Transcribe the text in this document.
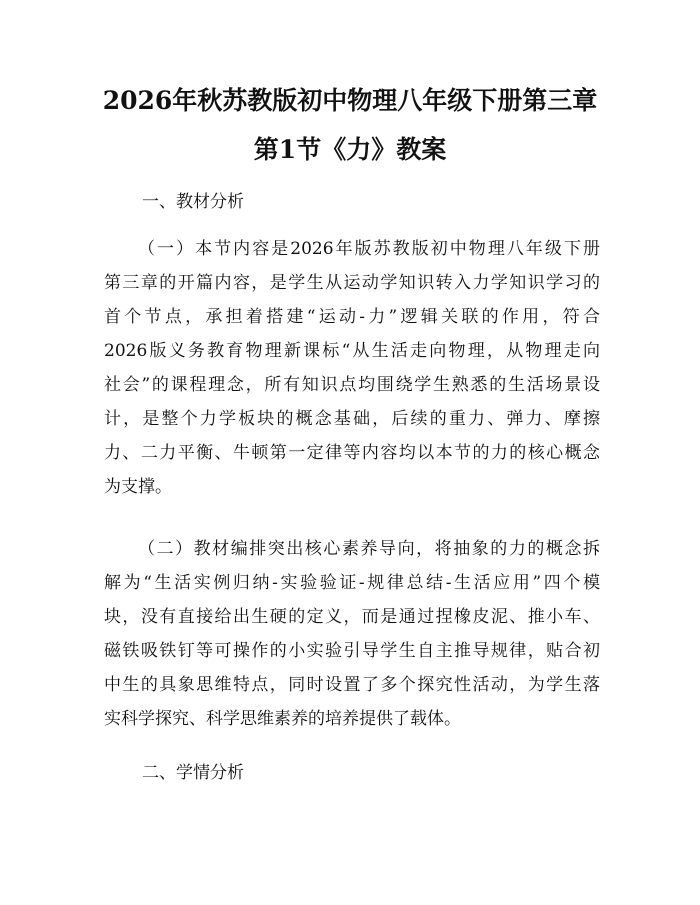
2026年秋苏教版初中物理八年级下册第三章
第1节《力》教案
一、教材分析

（一）本节内容是2026年版苏教版初中物理八年级下册
第三章的开篇内容，是学生从运动学知识转入力学知识学习的
首个节点，承担着搭建“运动-力”逻辑关联的作用，符合
2026版义务教育物理新课标“从生活走向物理，从物理走向
社会”的课程理念，所有知识点均围绕学生熟悉的生活场景设
计，是整个力学板块的概念基础，后续的重力、弹力、摩擦
力、二力平衡、牛顿第一定律等内容均以本节的力的核心概念
为支撑。

（二）教材编排突出核心素养导向，将抽象的力的概念拆
解为“生活实例归纳-实验验证-规律总结-生活应用”四个模
块，没有直接给出生硬的定义，而是通过捏橡皮泥、推小车、
磁铁吸铁钉等可操作的小实验引导学生自主推导规律，贴合初
中生的具象思维特点，同时设置了多个探究性活动，为学生落
实科学探究、科学思维素养的培养提供了载体。

二、学情分析
